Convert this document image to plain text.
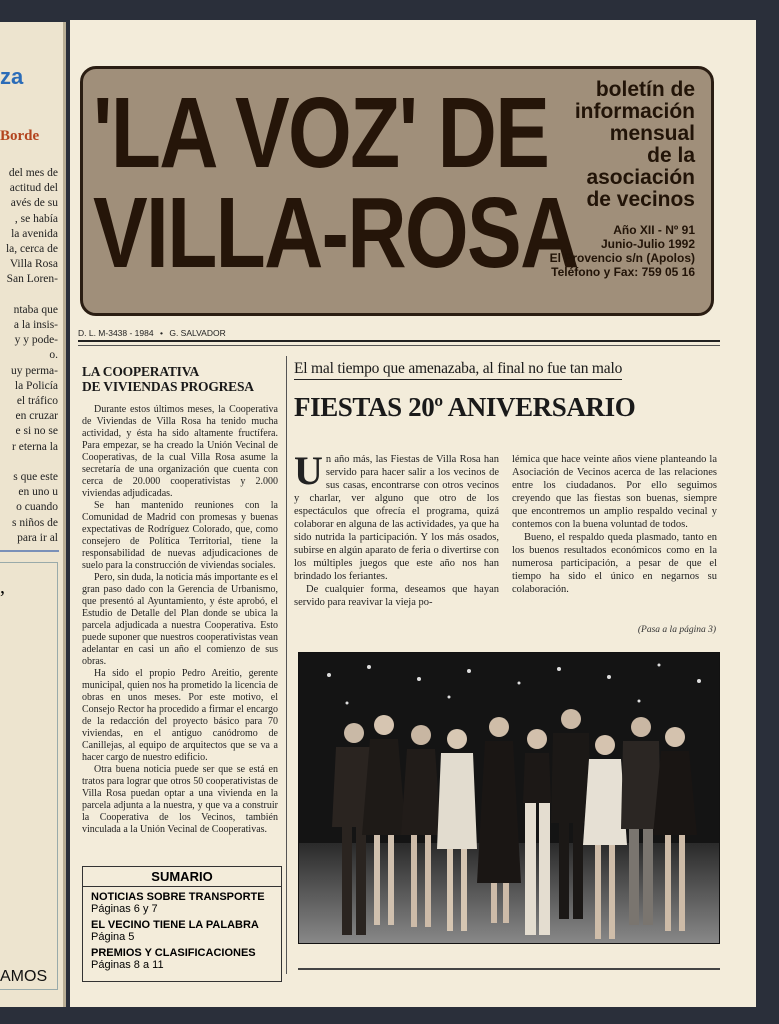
za
Borde
del mes de
actitud del
avés de su
, se había
la avenida
la, cerca de
Villa Rosa
San Loren-
ntaba que
a la insis-
y y pode-
o.
uy perma-
la Policía
el tráfico
en cruzar
e si no se
r eterna la
s que este
en uno u
o cuando
s niños de
para ir al
,
AMOS
'LA VOZ' DE
VILLA-ROSA
boletín de
información
mensual
de la
asociación
de vecinos
Año XII - Nº 91
Junio-Julio 1992
El Provencio s/n (Apolos)
Teléfono y Fax: 759 05 16
D. L. M-3438 - 1984 • G. SALVADOR
LA COOPERATIVA
DE VIVIENDAS PROGRESA

Durante estos últimos meses, la Cooperativa de Viviendas de Villa Rosa ha tenido mucha actividad, y ésta ha sido altamente fructífera. Para empezar, se ha creado la Unión Vecinal de Cooperativas, de la cual Villa Rosa asume la secretaría de una organización que cuenta con cerca de 20.000 cooperativistas y 2.000 viviendas adjudicadas.

Se han mantenido reuniones con la Comunidad de Madrid con promesas y buenas expectativas de Rodríguez Colorado, que, como consejero de Política Territorial, tiene la responsabilidad de nuevas adjudicaciones de suelo para la construcción de viviendas sociales.

Pero, sin duda, la noticia más importante es el gran paso dado con la Gerencia de Urbanismo, que presentó al Ayuntamiento, y éste aprobó, el Estudio de Detalle del Plan donde se ubica la parcela adjudicada a nuestra Cooperativa. Esto puede suponer que nuestros cooperativistas vean adelantar en casi un año el comienzo de sus obras.

Ha sido el propio Pedro Areitio, gerente municipal, quien nos ha prometido la licencia de obras en unos meses. Por este motivo, el Consejo Rector ha procedido a firmar el encargo de la redacción del proyecto básico para 70 viviendas, en el antiguo canódromo de Canillejas, al equipo de arquitectos que se va a hacer cargo de nuestro edificio.

Otra buena noticia puede ser que se está en tratos para lograr que otros 50 cooperativistas de Villa Rosa puedan optar a una vivienda en la parcela adjunta a la nuestra, y que va a construir la Cooperativa de los Vecinos, también vinculada a la Unión Vecinal de Cooperativas.

SUMARIO
NOTICIAS SOBRE TRANSPORTE
Páginas 6 y 7
EL VECINO TIENE LA PALABRA
Página 5
PREMIOS Y CLASIFICACIONES
Páginas 8 a 11
El mal tiempo que amenazaba, al final no fue tan malo
FIESTAS 20º ANIVERSARIO

Un año más, las Fiestas de Villa Rosa han servido para hacer salir a los vecinos de sus casas, encontrarse con otros vecinos y charlar, ver alguno que otro de los espectáculos que ofrecía el programa, quizá colaborar en alguna de las actividades, ya que ha sido nutrida la participación. Y los más osados, subirse en algún aparato de feria o divertirse con los múltiples juegos que este año nos han brindado los feriantes.

De cualquier forma, deseamos que hayan servido para reavivar la vieja po-

lémica que hace veinte años viene planteando la Asociación de Vecinos acerca de las relaciones entre los ciudadanos. Por ello seguimos creyendo que las fiestas son buenas, siempre que encontremos un amplio respaldo vecinal y contemos con la buena voluntad de todos.

Bueno, el respaldo queda plasmado, tanto en los buenos resultados económicos como en la numerosa participación, a pesar de que el tiempo ha sido el único en negarnos su colaboración.

(Pasa a la página 3)
